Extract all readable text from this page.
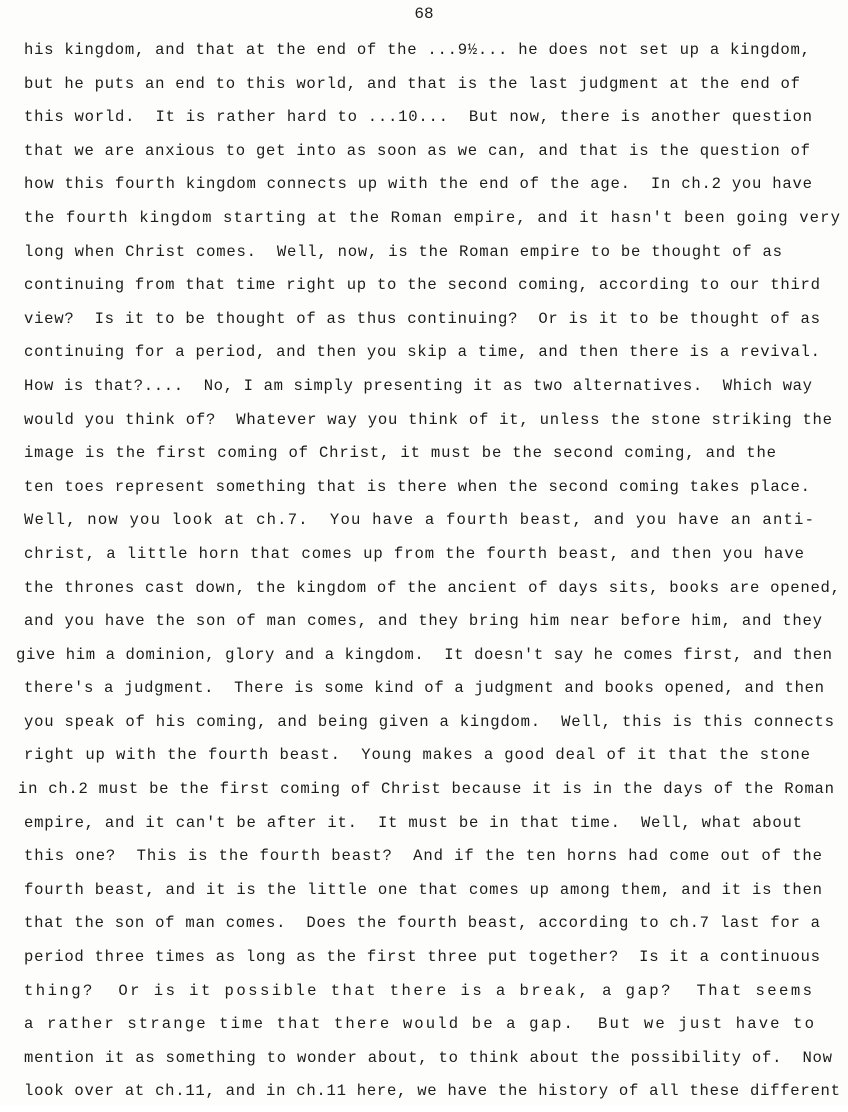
68
his kingdom, and that at the end of the ...9½... he does not set up a kingdom,
but he puts an end to this world, and that is the last judgment at the end of
this world.  It is rather hard to ...10...  But now, there is another question
that we are anxious to get into as soon as we can, and that is the question of
how this fourth kingdom connects up with the end of the age.  In ch.2 you have
the fourth kingdom starting at the Roman empire, and it hasn't been going very
long when Christ comes.  Well, now, is the Roman empire to be thought of as
continuing from that time right up to the second coming, according to our third
view?  Is it to be thought of as thus continuing?  Or is it to be thought of as
continuing for a period, and then you skip a time, and then there is a revival.
How is that?....  No, I am simply presenting it as two alternatives.  Which way
would you think of?  Whatever way you think of it, unless the stone striking the
image is the first coming of Christ, it must be the second coming, and the
ten toes represent something that is there when the second coming takes place.
Well, now you look at ch.7.  You have a fourth beast, and you have an anti-
christ, a little horn that comes up from the fourth beast, and then you have
the thrones cast down, the kingdom of the ancient of days sits, books are opened,
and you have the son of man comes, and they bring him near before him, and they
give him a dominion, glory and a kingdom.  It doesn't say he comes first, and then
there's a judgment.  There is some kind of a judgment and books opened, and then
you speak of his coming, and being given a kingdom.  Well, this is this connects
right up with the fourth beast.  Young makes a good deal of it that the stone
in ch.2 must be the first coming of Christ because it is in the days of the Roman
empire, and it can't be after it.  It must be in that time.  Well, what about
this one?  This is the fourth beast?  And if the ten horns had come out of the
fourth beast, and it is the little one that comes up among them, and it is then
that the son of man comes.  Does the fourth beast, according to ch.7 last for a
period three times as long as the first three put together?  Is it a continuous
thing?  Or is it possible that there is a break, a gap?  That seems
a rather strange time that there would be a gap.  But we just have to
mention it as something to wonder about, to think about the possibility of.  Now
look over at ch.11, and in ch.11 here, we have the history of all these different
